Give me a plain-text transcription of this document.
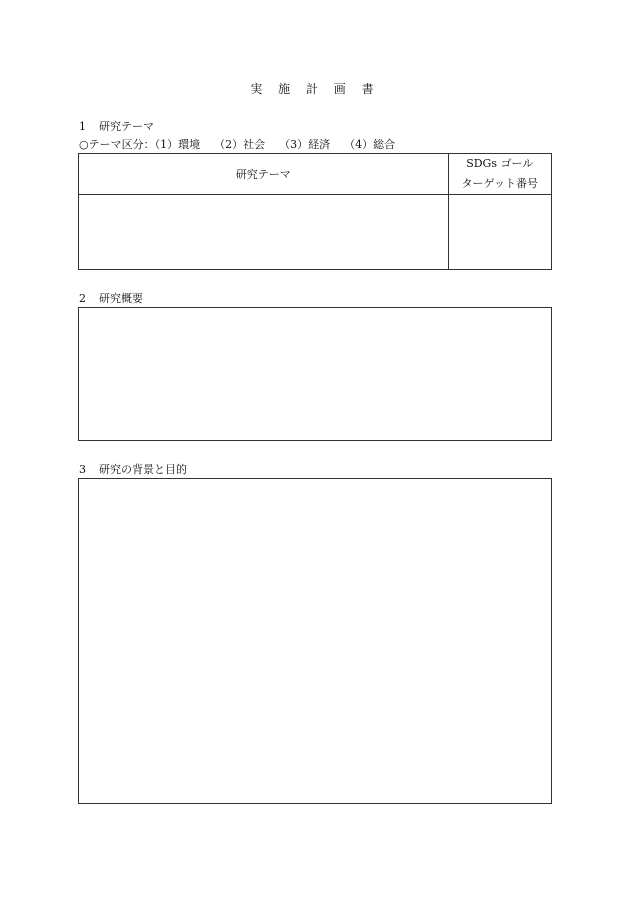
実 施 計 画 書
1 研究テーマ
○テーマ区分：（1）環境 （2）社会 （3）経済 （4）総合
研究テーマ	SDGs ゴール
ターゲット番号

2 研究概要
3 研究の背景と目的
